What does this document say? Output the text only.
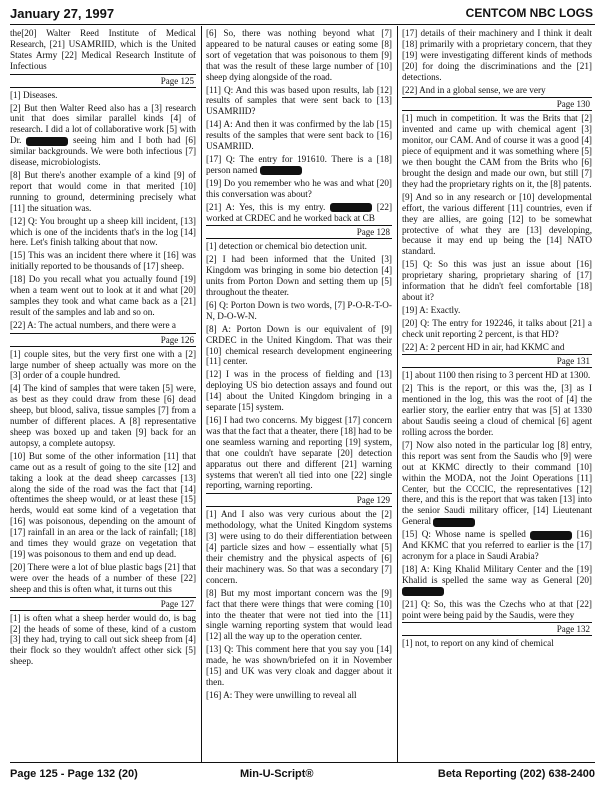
January 27, 1997	CENTCOM NBC LOGS

the[20] Walter Reed Institute of Medical Research, [21] USAMRIID, which is the United States Army [22] Medical Research Institute of Infectious

Page 125

[1] Diseases.

[2] But then Walter Reed also has a [3] research unit that does similar parallel kinds [4] of research. I did a lot of collaborative work [5] with Dr.	seeing him and I both had [6] similar backgrounds. We were both infectious [7] disease, microbiologists.

[8] But there's another example of a kind [9] of report that would come in that merited [10] running to ground, determining precisely what [11] the situation was.

[12] Q: You brought up a sheep kill incident, [13] which is one of the incidents that's in the log [14] here. Let's finish talking about that now.

[15] This was an incident there where it [16] was initially reported to be thousands of [17] sheep.

[18] Do you recall what you actually found [19] when a team went out to look at it and what [20] samples they took and what came back as a [21] result of the samples and lab and so on.

[22] A: The actual numbers, and there were a

Page 126

[1] couple sites, but the very first one with a [2] large number of sheep actually was more on the [3] order of a couple hundred.

[4] The kind of samples that were taken [5] were, as best as they could draw from these [6] dead sheep, but blood, saliva, tissue samples [7] from a number of different places. A [8] representative sheep was boxed up and taken [9] back for an autopsy, a complete autopsy.

[10] But some of the other information [11] that came out as a result of going to the site [12] and taking a look at the dead sheep carcasses [13] along the side of the road was the fact that [14] oftentimes the sheep would, or at least these [15] herds, would eat some kind of a vegetation that [16] was poisonous, depending on the amount of [17] rainfall in an area or the lack of rainfall; [18] and times they would graze on vegetation that [19] was poisonous to them and end up dead.

[20] There were a lot of blue plastic bags [21] that were over the heads of a number of these [22] sheep and this is often what, it turns out this

Page 127

[1] is often what a sheep herder would do, is bag [2] the heads of some of these, kind of a custom [3] they had, trying to call out sick sheep from [4] their flock so they wouldn't affect other sick [5] sheep.

[6] So, there was nothing beyond what [7] appeared to be natural causes or eating some [8] sort of vegetation that was poisonous to them [9] that was the result of these large number of [10] sheep dying alongside of the road.

[11] Q: And this was based upon results, lab [12] results of samples that were sent back to [13] USAMRIID?

[14] A: And then it was confirmed by the lab [15] results of the samples that were sent back to [16] USAMRIID.

[17] Q: The entry for 191610. There is a [18] person named

[19] Do you remember who he was and what [20] this conversation was about?

[21] A: Yes, this is my entry.	[22] worked at CRDEC and he worked back at CB

Page 128

[1] detection or chemical bio detection unit.

[2] I had been informed that the United [3] Kingdom was bringing in some bio detection [4] units from Porton Down and setting them up [5] throughout the theater.

[6] Q: Porton Down is two words, [7] P-O-R-T-O-N, D-O-W-N.

[8] A: Porton Down is our equivalent of [9] CRDEC in the United Kingdom. That was their [10] chemical research development engineering [11] center.

[12] I was in the process of fielding and [13] deploying US bio detection assays and found out [14] about the United Kingdom bringing in a separate [15] system.

[16] I had two concerns. My biggest [17] concern was that the fact that a theater, there [18] had to be one seamless warning and reporting [19] system, that one couldn't have separate [20] detection apparatus out there and different [21] warning systems that weren't all tied into one [22] single reporting, warning reporting.

Page 129

[1] And I also was very curious about the [2] methodology, what the United Kingdom systems [3] were using to do their differentiation between [4] particle sizes and how – essentially what [5] their chemistry and the physical aspects of [6] their machinery was. So that was a secondary [7] concern.

[8] But my most important concern was the [9] fact that there were things that were coming [10] into the theater that were not tied into the [11] single warning reporting system that would lead [12] all the way up to the operation center.

[13] Q: This comment here that you say you [14] made, he was shown/briefed on it in November [15] and UK was very cloak and dagger about it then.

[16] A: They were unwilling to reveal all

[17] details of their machinery and I think it dealt [18] primarily with a proprietary concern, that they [19] were investigating different kinds of methods [20] for doing the discriminations and the [21] detections.

[22] And in a global sense, we are very

Page 130

[1] much in competition. It was the Brits that [2] invented and came up with chemical agent [3] monitor, our CAM. And of course it was a good [4] piece of equipment and it was something where [5] we then bought the CAM from the Brits who [6] brought the design and made our own, but still [7] they had the proprietary rights on it, the [8] patents.

[9] And so in any research or [10] developmental effort, the various different [11] countries, even if they are allies, are going [12] to be somewhat protective of what they are [13] developing, because it may end up being the [14] NATO standard.

[15] Q: So this was just an issue about [16] proprietary sharing, proprietary sharing of [17] information that he didn't feel comfortable [18] about it?

[19] A: Exactly.

[20] Q: The entry for 192246, it talks about [21] a check unit reporting 2 percent, is that HD?

[22] A: 2 percent HD in air, had KKMC and

Page 131

[1] about 1100 then rising to 3 percent HD at 1300.

[2] This is the report, or this was the, [3] as I mentioned in the log, this was the root of [4] the earlier story, the earlier entry that was [5] at 1330 about Saudis seeing a cloud of chemical [6] agent rolling across the border.

[7] Now also noted in the particular log [8] entry, this report was sent from the Saudis who [9] were out at KKMC directly to their command [10] within the MODA, not the Joint Operations [11] Center, but the CCCIC, the representatives [12] there, and this is the report that was taken [13] into the senior Saudi military officer, [14] Lieutenant General

[15] Q: Whose name is spelled	[16] And KKMC that you referred to earlier is the [17] acronym for a place in Saudi Arabia?

[18] A: King Khalid Military Center and the [19] Khalid is spelled the same way as General [20]

[21] Q: So, this was the Czechs who at that [22] point were being paid by the Saudis, were they

Page 132

[1] not, to report on any kind of chemical

Page 125 - Page 132 (20)	Min-U-Script®	Beta Reporting (202) 638-2400
